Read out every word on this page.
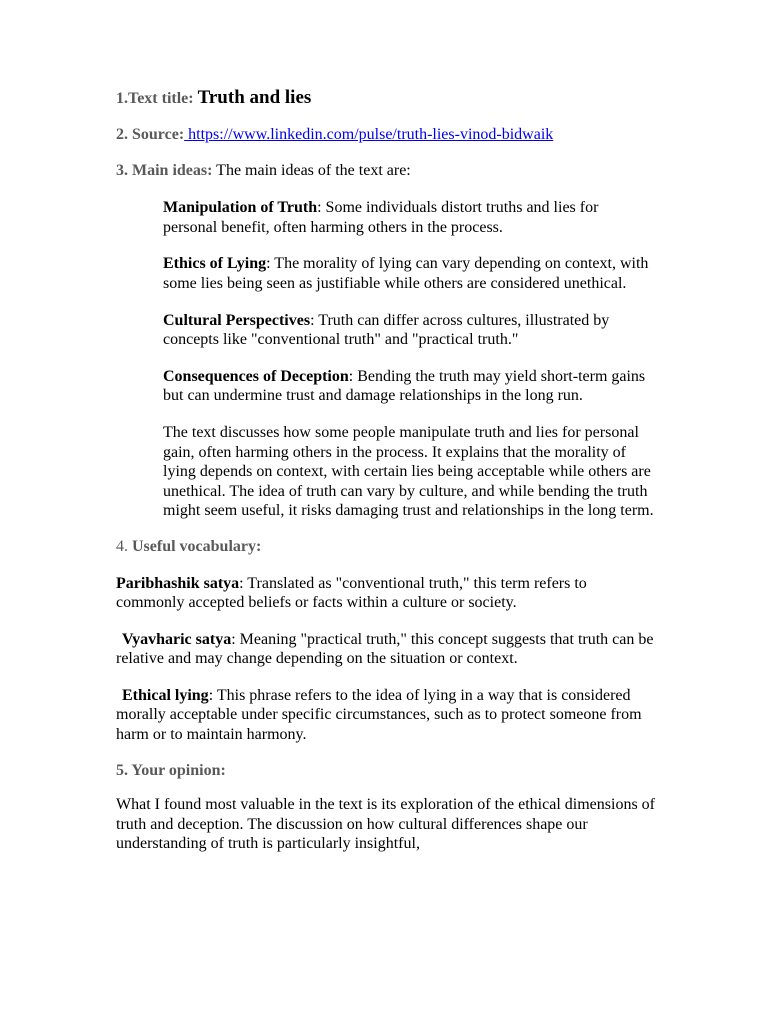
1.Text title: Truth and lies

2. Source: https://www.linkedin.com/pulse/truth-lies-vinod-bidwaik

3. Main ideas: The main ideas of the text are:

Manipulation of Truth: Some individuals distort truths and lies for personal benefit, often harming others in the process.

Ethics of Lying: The morality of lying can vary depending on context, with some lies being seen as justifiable while others are considered unethical.

Cultural Perspectives: Truth can differ across cultures, illustrated by concepts like "conventional truth" and "practical truth."

Consequences of Deception: Bending the truth may yield short-term gains but can undermine trust and damage relationships in the long run.

The text discusses how some people manipulate truth and lies for personal gain, often harming others in the process. It explains that the morality of lying depends on context, with certain lies being acceptable while others are unethical. The idea of truth can vary by culture, and while bending the truth might seem useful, it risks damaging trust and relationships in the long term.

4. Useful vocabulary:

Paribhashik satya: Translated as "conventional truth," this term refers to commonly accepted beliefs or facts within a culture or society.

Vyavharic satya: Meaning "practical truth," this concept suggests that truth can be relative and may change depending on the situation or context.

Ethical lying: This phrase refers to the idea of lying in a way that is considered morally acceptable under specific circumstances, such as to protect someone from harm or to maintain harmony.

5. Your opinion:

What I found most valuable in the text is its exploration of the ethical dimensions of truth and deception. The discussion on how cultural differences shape our understanding of truth is particularly insightful,
